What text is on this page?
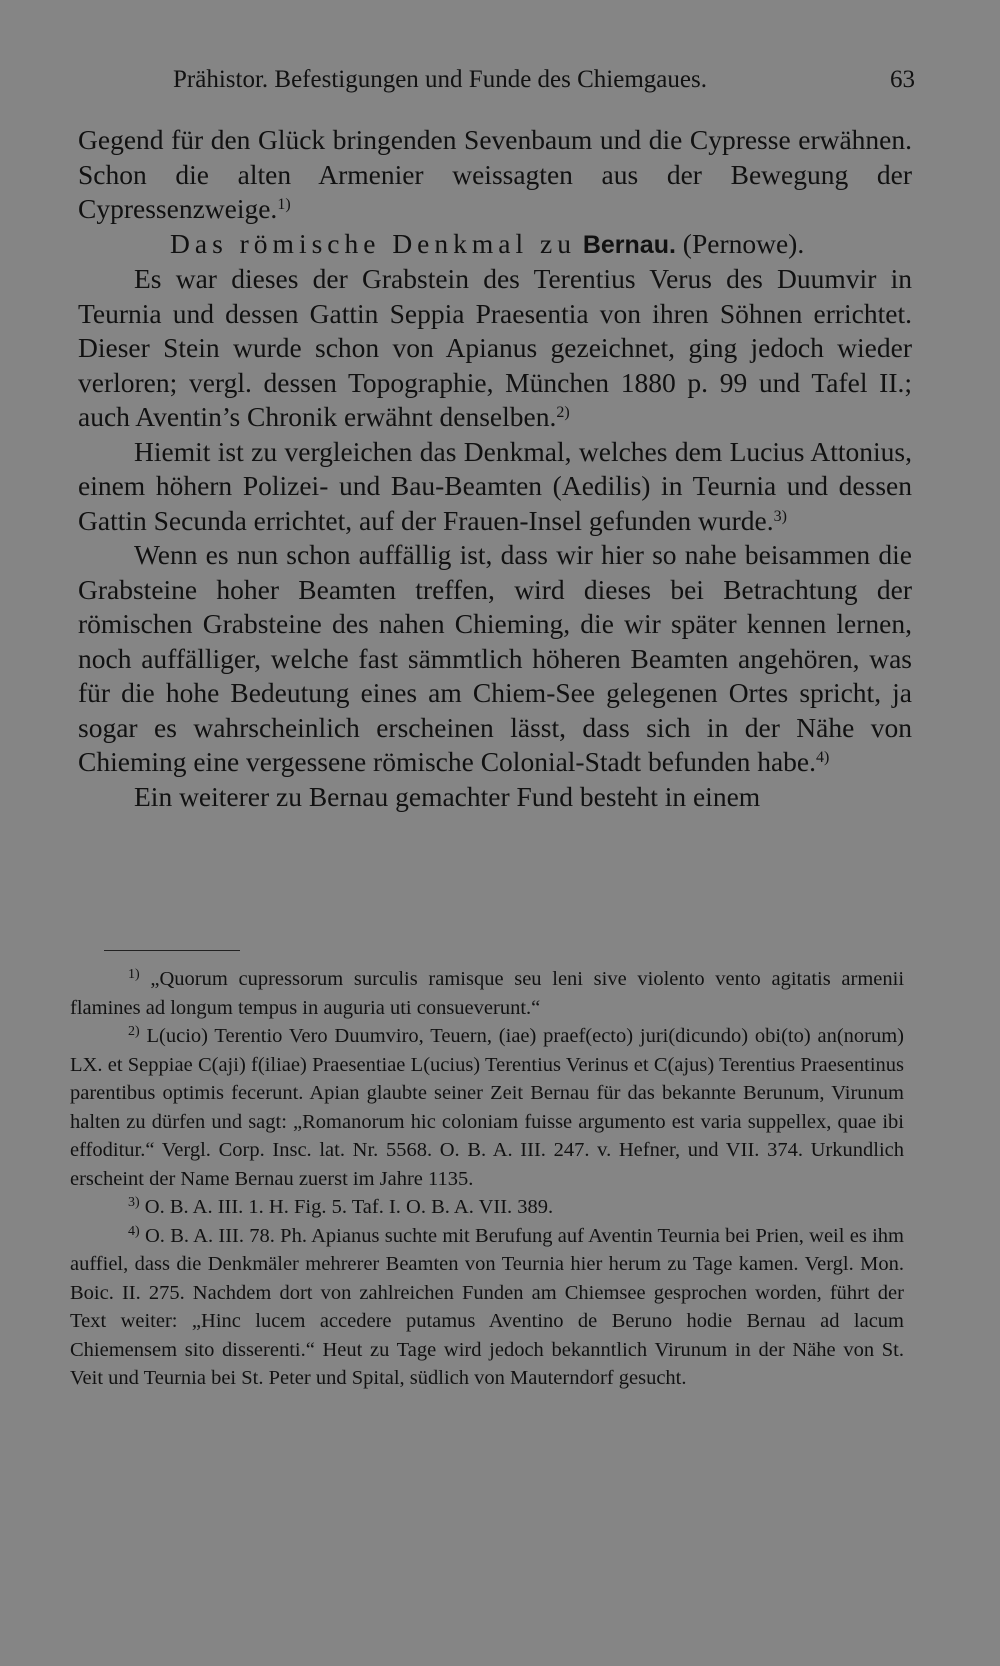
Prähistor. Befestigungen und Funde des Chiemgaues.	63

Gegend für den Glück bringenden Sevenbaum und die Cypresse erwähnen. Schon die alten Armenier weissagten aus der Bewegung der Cypressenzweige.$^{1)}$

Das römische Denkmal zu Bernau. (Pernowe).

Es war dieses der Grabstein des Terentius Verus des Duumvir in Teurnia und dessen Gattin Seppia Praesentia von ihren Söhnen errichtet. Dieser Stein wurde schon von Apianus gezeichnet, ging jedoch wieder verloren; vergl. dessen Topographie, München 1880 p. 99 und Tafel II.; auch Aventin’s Chronik erwähnt denselben.$^{2)}$

Hiemit ist zu vergleichen das Denkmal, welches dem Lucius Attonius, einem höhern Polizei- und Bau-Beamten (Aedilis) in Teurnia und dessen Gattin Secunda errichtet, auf der Frauen-Insel gefunden wurde.$^{3)}$

Wenn es nun schon auffällig ist, dass wir hier so nahe beisammen die Grabsteine hoher Beamten treffen, wird dieses bei Betrachtung der römischen Grabsteine des nahen Chieming, die wir später kennen lernen, noch auffälliger, welche fast sämmtlich höheren Beamten angehören, was für die hohe Bedeutung eines am Chiem-See gelegenen Ortes spricht, ja sogar es wahrscheinlich erscheinen lässt, dass sich in der Nähe von Chieming eine vergessene römische Colonial-Stadt befunden habe.$^{4)}$

Ein weiterer zu Bernau gemachter Fund besteht in einem

$^{1)}$ „Quorum cupressorum surculis ramisque seu leni sive violento vento agitatis armenii flamines ad longum tempus in auguria uti consueverunt.“

$^{2)}$ L(ucio) Terentio Vero Duumviro, Teuern, (iae) praef(ecto) juri(dicundo) obi(to) an(norum) LX. et Seppiae C(aji) f(iliae) Praesentiae L(ucius) Terentius Verinus et C(ajus) Terentius Praesentinus parentibus optimis fecerunt. Apian glaubte seiner Zeit Bernau für das bekannte Berunum, Virunum halten zu dürfen und sagt: „Romanorum hic coloniam fuisse argumento est varia suppellex, quae ibi effoditur.“ Vergl. Corp. Insc. lat. Nr. 5568. O. B. A. III. 247. v. Hefner, und VII. 374. Urkundlich erscheint der Name Bernau zuerst im Jahre 1135.

$^{3)}$ O. B. A. III. 1. H. Fig. 5. Taf. I. O. B. A. VII. 389.

$^{4)}$ O. B. A. III. 78. Ph. Apianus suchte mit Berufung auf Aventin Teurnia bei Prien, weil es ihm auffiel, dass die Denkmäler mehrerer Beamten von Teurnia hier herum zu Tage kamen. Vergl. Mon. Boic. II. 275. Nachdem dort von zahlreichen Funden am Chiemsee gesprochen worden, führt der Text weiter: „Hinc lucem accedere putamus Aventino de Beruno hodie Bernau ad lacum Chiemensem sito disserenti.“ Heut zu Tage wird jedoch bekanntlich Virunum in der Nähe von St. Veit und Teurnia bei St. Peter und Spital, südlich von Mauterndorf gesucht.
